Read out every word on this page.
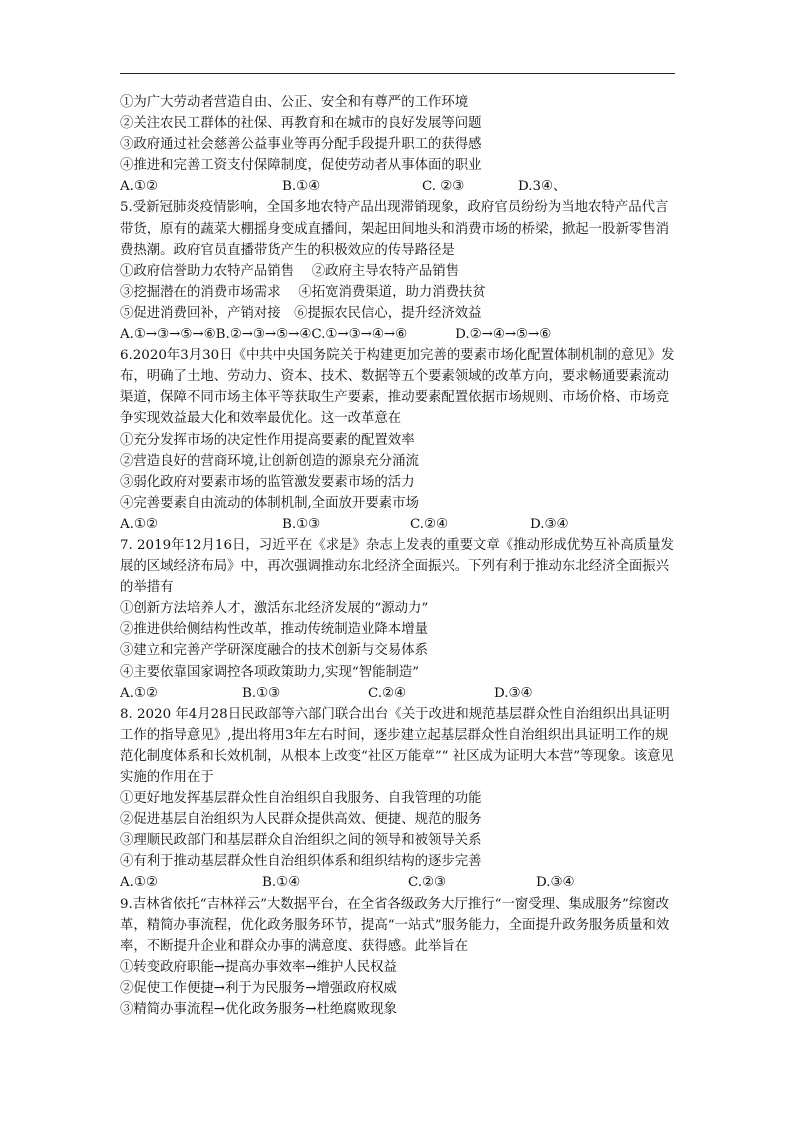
①为广大劳动者营造自由、公正、安全和有尊严的工作环境
②关注农民工群体的社保、再教育和在城市的良好发展等问题
③政府通过社会慈善公益事业等再分配手段提升职工的获得感
④推进和完善工资支付保障制度，促使劳动者从事体面的职业
A.①②	B.①④	C. ②③	D.3④、
5.受新冠肺炎疫情影响，全国多地农特产品出现滞销现象，政府官员纷纷为当地农特产品代言带货，原有的蔬菜大棚摇身变成直播间，架起田间地头和消费市场的桥梁，掀起一股新零售消费热潮。政府官员直播带货产生的积极效应的传导路径是
①政府信誉助力农特产品销售　 ②政府主导农特产品销售
③挖掘潜在的消费市场需求　 ④拓宽消费渠道，助力消费扶贫
⑤促进消费回补，产销对接　⑥提振农民信心，提升经济效益
A.①→③→⑤→⑥B.②→③→⑤→④C.①→③→④→⑥	D.②→④→⑤→⑥
6.2020年3月30日《中共中央国务院关于构建更加完善的要素市场化配置体制机制的意见》发布，明确了土地、劳动力、资本、技术、数据等五个要素领域的改革方向，要求畅通要素流动渠道，保障不同市场主体平等获取生产要素，推动要素配置依据市场规则、市场价格、市场竞争实现效益最大化和效率最优化。这一改革意在
①充分发挥市场的决定性作用提高要素的配置效率
②营造良好的营商环境,让创新创造的源泉充分涌流
③弱化政府对要素市场的监管激发要素市场的活力
④完善要素自由流动的体制机制,全面放开要素市场
A.①②	B.①③	C.②④	D.③④
7. 2019年12月16日，习近平在《求是》杂志上发表的重要文章《推动形成优势互补高质量发展的区域经济布局》中，再次强调推动东北经济全面振兴。下列有利于推动东北经济全面振兴的举措有
①创新方法培养人才，激活东北经济发展的“源动力”
②推进供给侧结构性改革，推动传统制造业降本增量
③建立和完善产学研深度融合的技术创新与交易体系
④主要依靠国家调控各项政策助力,实现“智能制造”
A.①②	B.①③	C.②④	D.③④
8. 2020 年4月28日民政部等六部门联合出台《关于改进和规范基层群众性自治组织出具证明工作的指导意见》,提出将用3年左右时间，逐步建立起基层群众性自治组织出具证明工作的规范化制度体系和长效机制，从根本上改变“社区万能章”“ 社区成为证明大本营”等现象。该意见实施的作用在于
①更好地发挥基层群众性自治组织自我服务、自我管理的功能
②促进基层自治组织为人民群众提供高效、便捷、规范的服务
③理顺民政部门和基层群众自治组织之间的领导和被领导关系
④有利于推动基层群众性自治组织体系和组织结构的逐步完善
A.①②	B.①④	C.②③	D.③④
9.吉林省依托“吉林祥云”大数据平台，在全省各级政务大厅推行“一窗受理、集成服务”综窗改革，精简办事流程，优化政务服务环节，提高“一站式”服务能力，全面提升政务服务质量和效率，不断提升企业和群众办事的满意度、获得感。此举旨在
①转变政府职能→提高办事效率→维护人民权益
②促使工作便捷→利于为民服务→增强政府权威
③精简办事流程→优化政务服务→杜绝腐败现象
